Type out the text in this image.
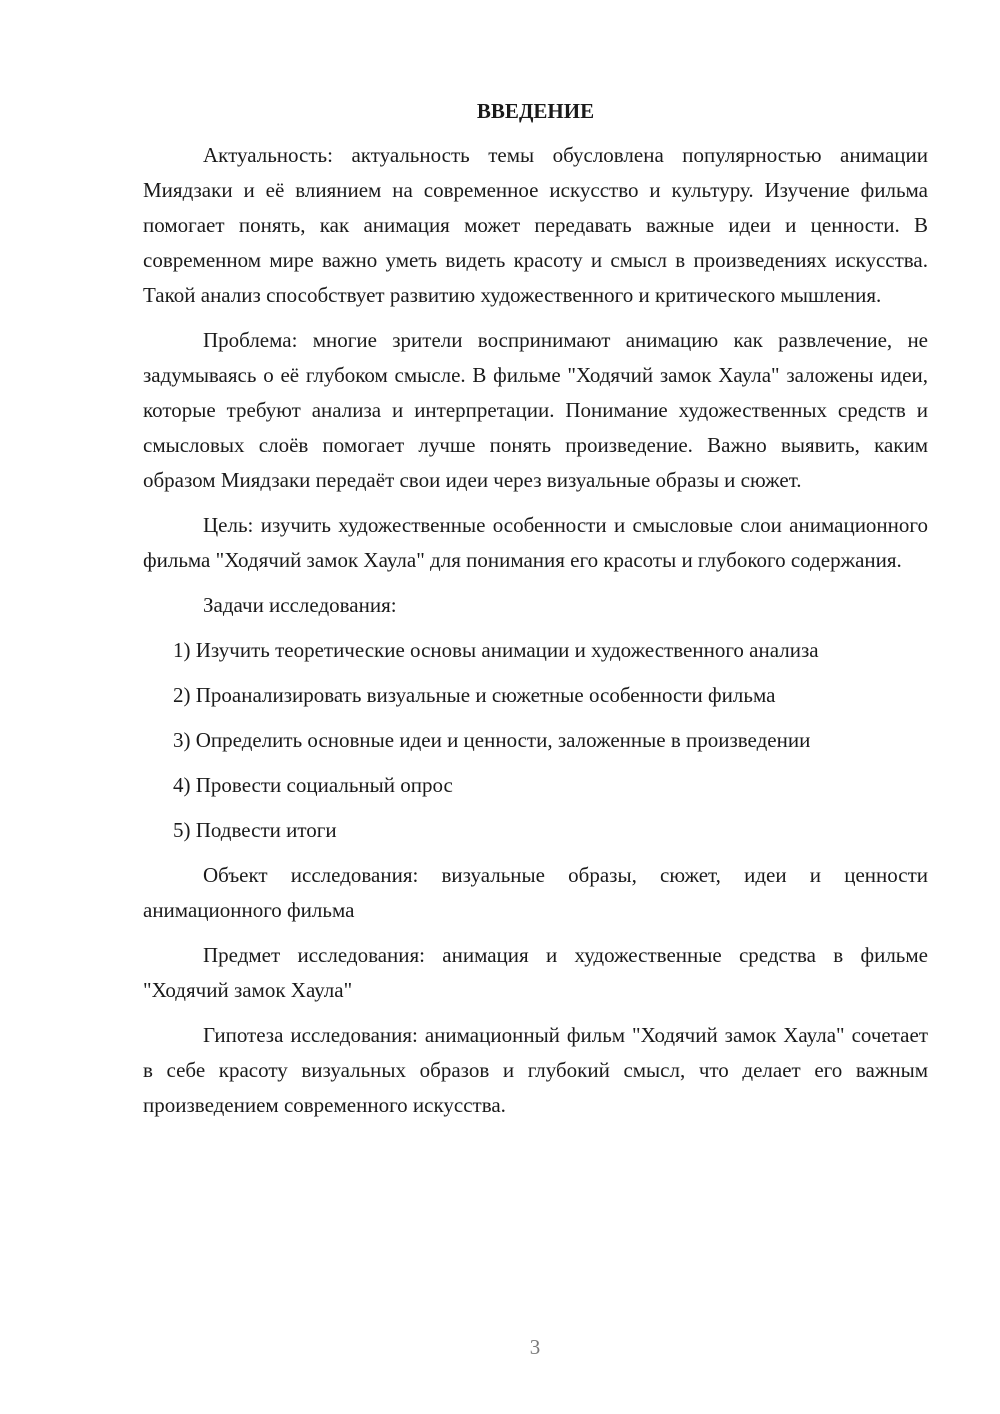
ВВЕДЕНИЕ

Актуальность: актуальность темы обусловлена популярностью анимации Миядзаки и её влиянием на современное искусство и культуру. Изучение фильма помогает понять, как анимация может передавать важные идеи и ценности. В современном мире важно уметь видеть красоту и смысл в произведениях искусства. Такой анализ способствует развитию художественного и критического мышления.

Проблема: многие зрители воспринимают анимацию как развлечение, не задумываясь о её глубоком смысле. В фильме "Ходячий замок Хаула" заложены идеи, которые требуют анализа и интерпретации. Понимание художественных средств и смысловых слоёв помогает лучше понять произведение. Важно выявить, каким образом Миядзаки передаёт свои идеи через визуальные образы и сюжет.

Цель: изучить художественные особенности и смысловые слои анимационного фильма "Ходячий замок Хаула" для понимания его красоты и глубокого содержания.

Задачи исследования:

1) Изучить теоретические основы анимации и художественного анализа

2) Проанализировать визуальные и сюжетные особенности фильма

3) Определить основные идеи и ценности, заложенные в произведении

4) Провести социальный опрос

5) Подвести итоги

Объект исследования: визуальные образы, сюжет, идеи и ценности анимационного фильма

Предмет исследования: анимация и художественные средства в фильме "Ходячий замок Хаула"

Гипотеза исследования: анимационный фильм "Ходячий замок Хаула" сочетает в себе красоту визуальных образов и глубокий смысл, что делает его важным произведением современного искусства.

3
